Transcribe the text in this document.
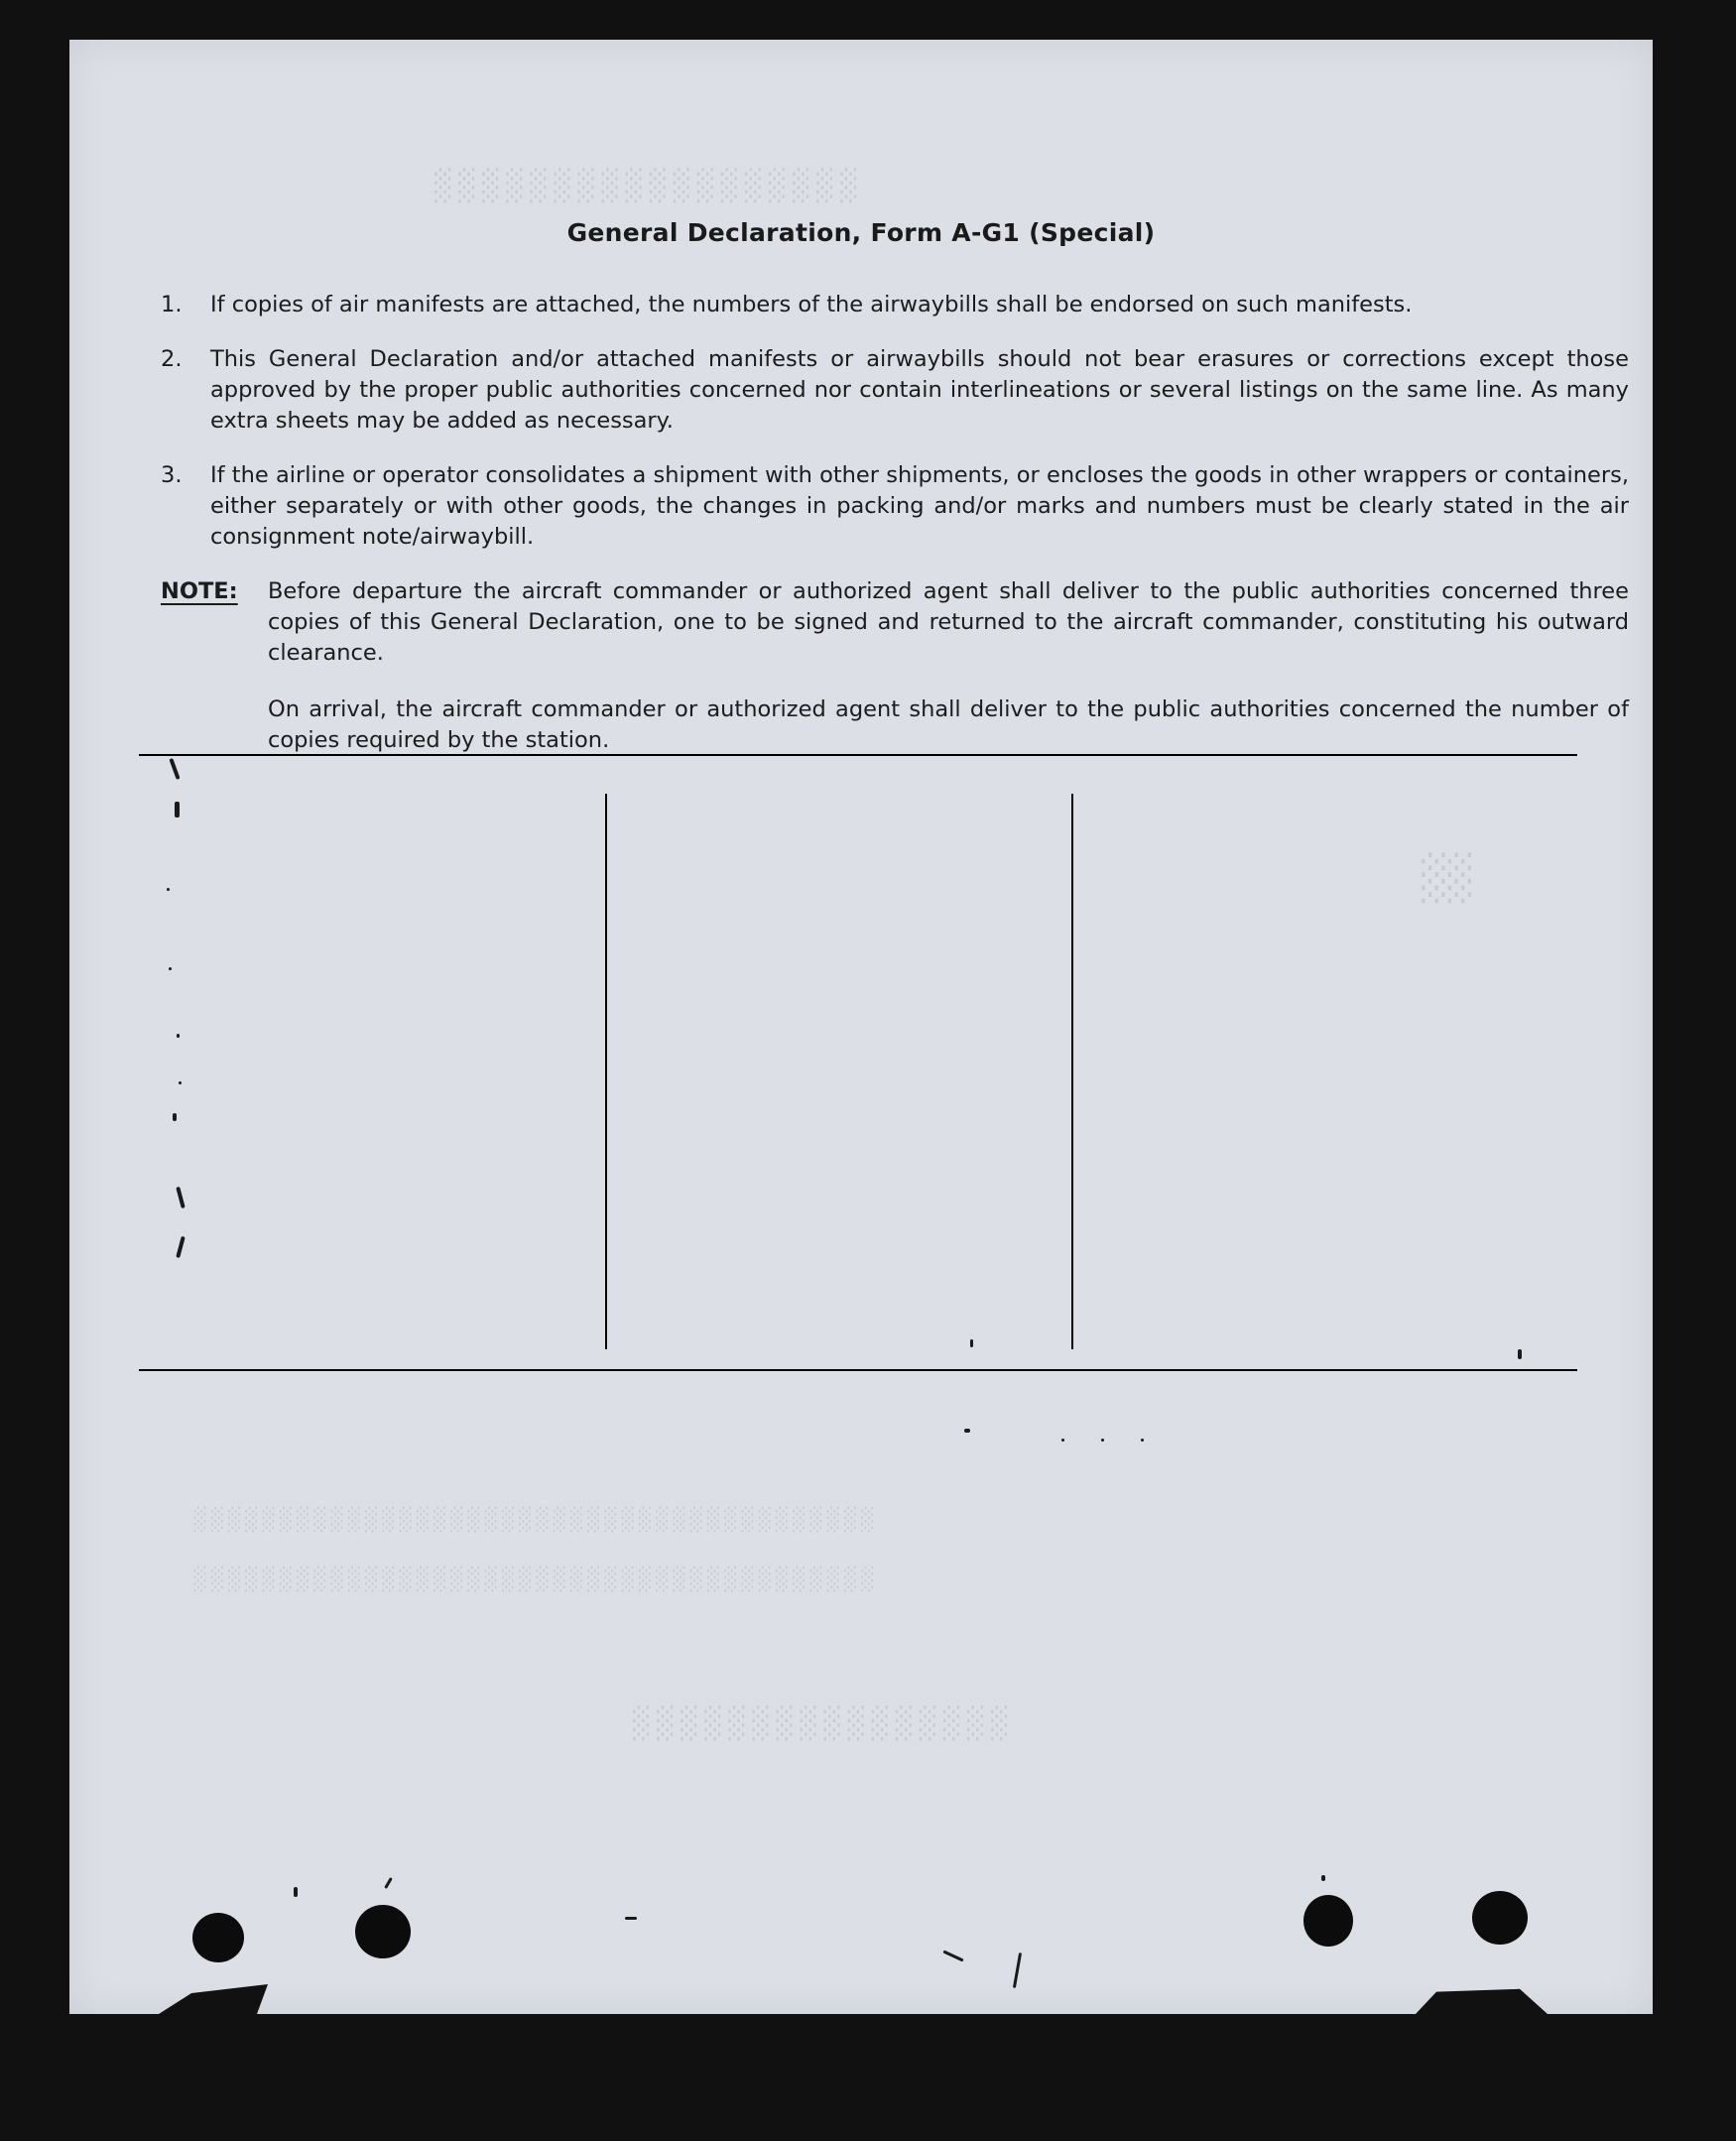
░░░░░░░░░░░░░░░░░░
░░
░░░░░░░░░░░░░░░░░░░░░░░░░░░░░░░░░░░░░░░░
░░░░░░░░░░░░░░░░░░░░░░░░░░░░░░░░░░░░░░░░
░░░░░░░░░░░░░░░░
General Declaration, Form A-G1 (Special)
1.	If copies of air manifests are attached, the numbers of the airwaybills shall be endorsed on such manifests.
2.	This General Declaration and/or attached manifests or airwaybills should not bear erasures or corrections except those approved by the proper public authorities concerned nor contain interlineations or several listings on the same line. As many extra sheets may be added as necessary.
3.	If the airline or operator consolidates a shipment with other shipments, or encloses the goods in other wrappers or containers, either separately or with other goods, the changes in packing and/or marks and numbers must be clearly stated in the air consignment note/airwaybill.
NOTE:	Before departure the aircraft commander or authorized agent shall deliver to the public authorities concerned three copies of this General Declaration, one to be signed and returned to the aircraft commander, constituting his outward clearance.

On arrival, the aircraft commander or authorized agent shall deliver to the public authorities concerned the number of copies required by the station.
